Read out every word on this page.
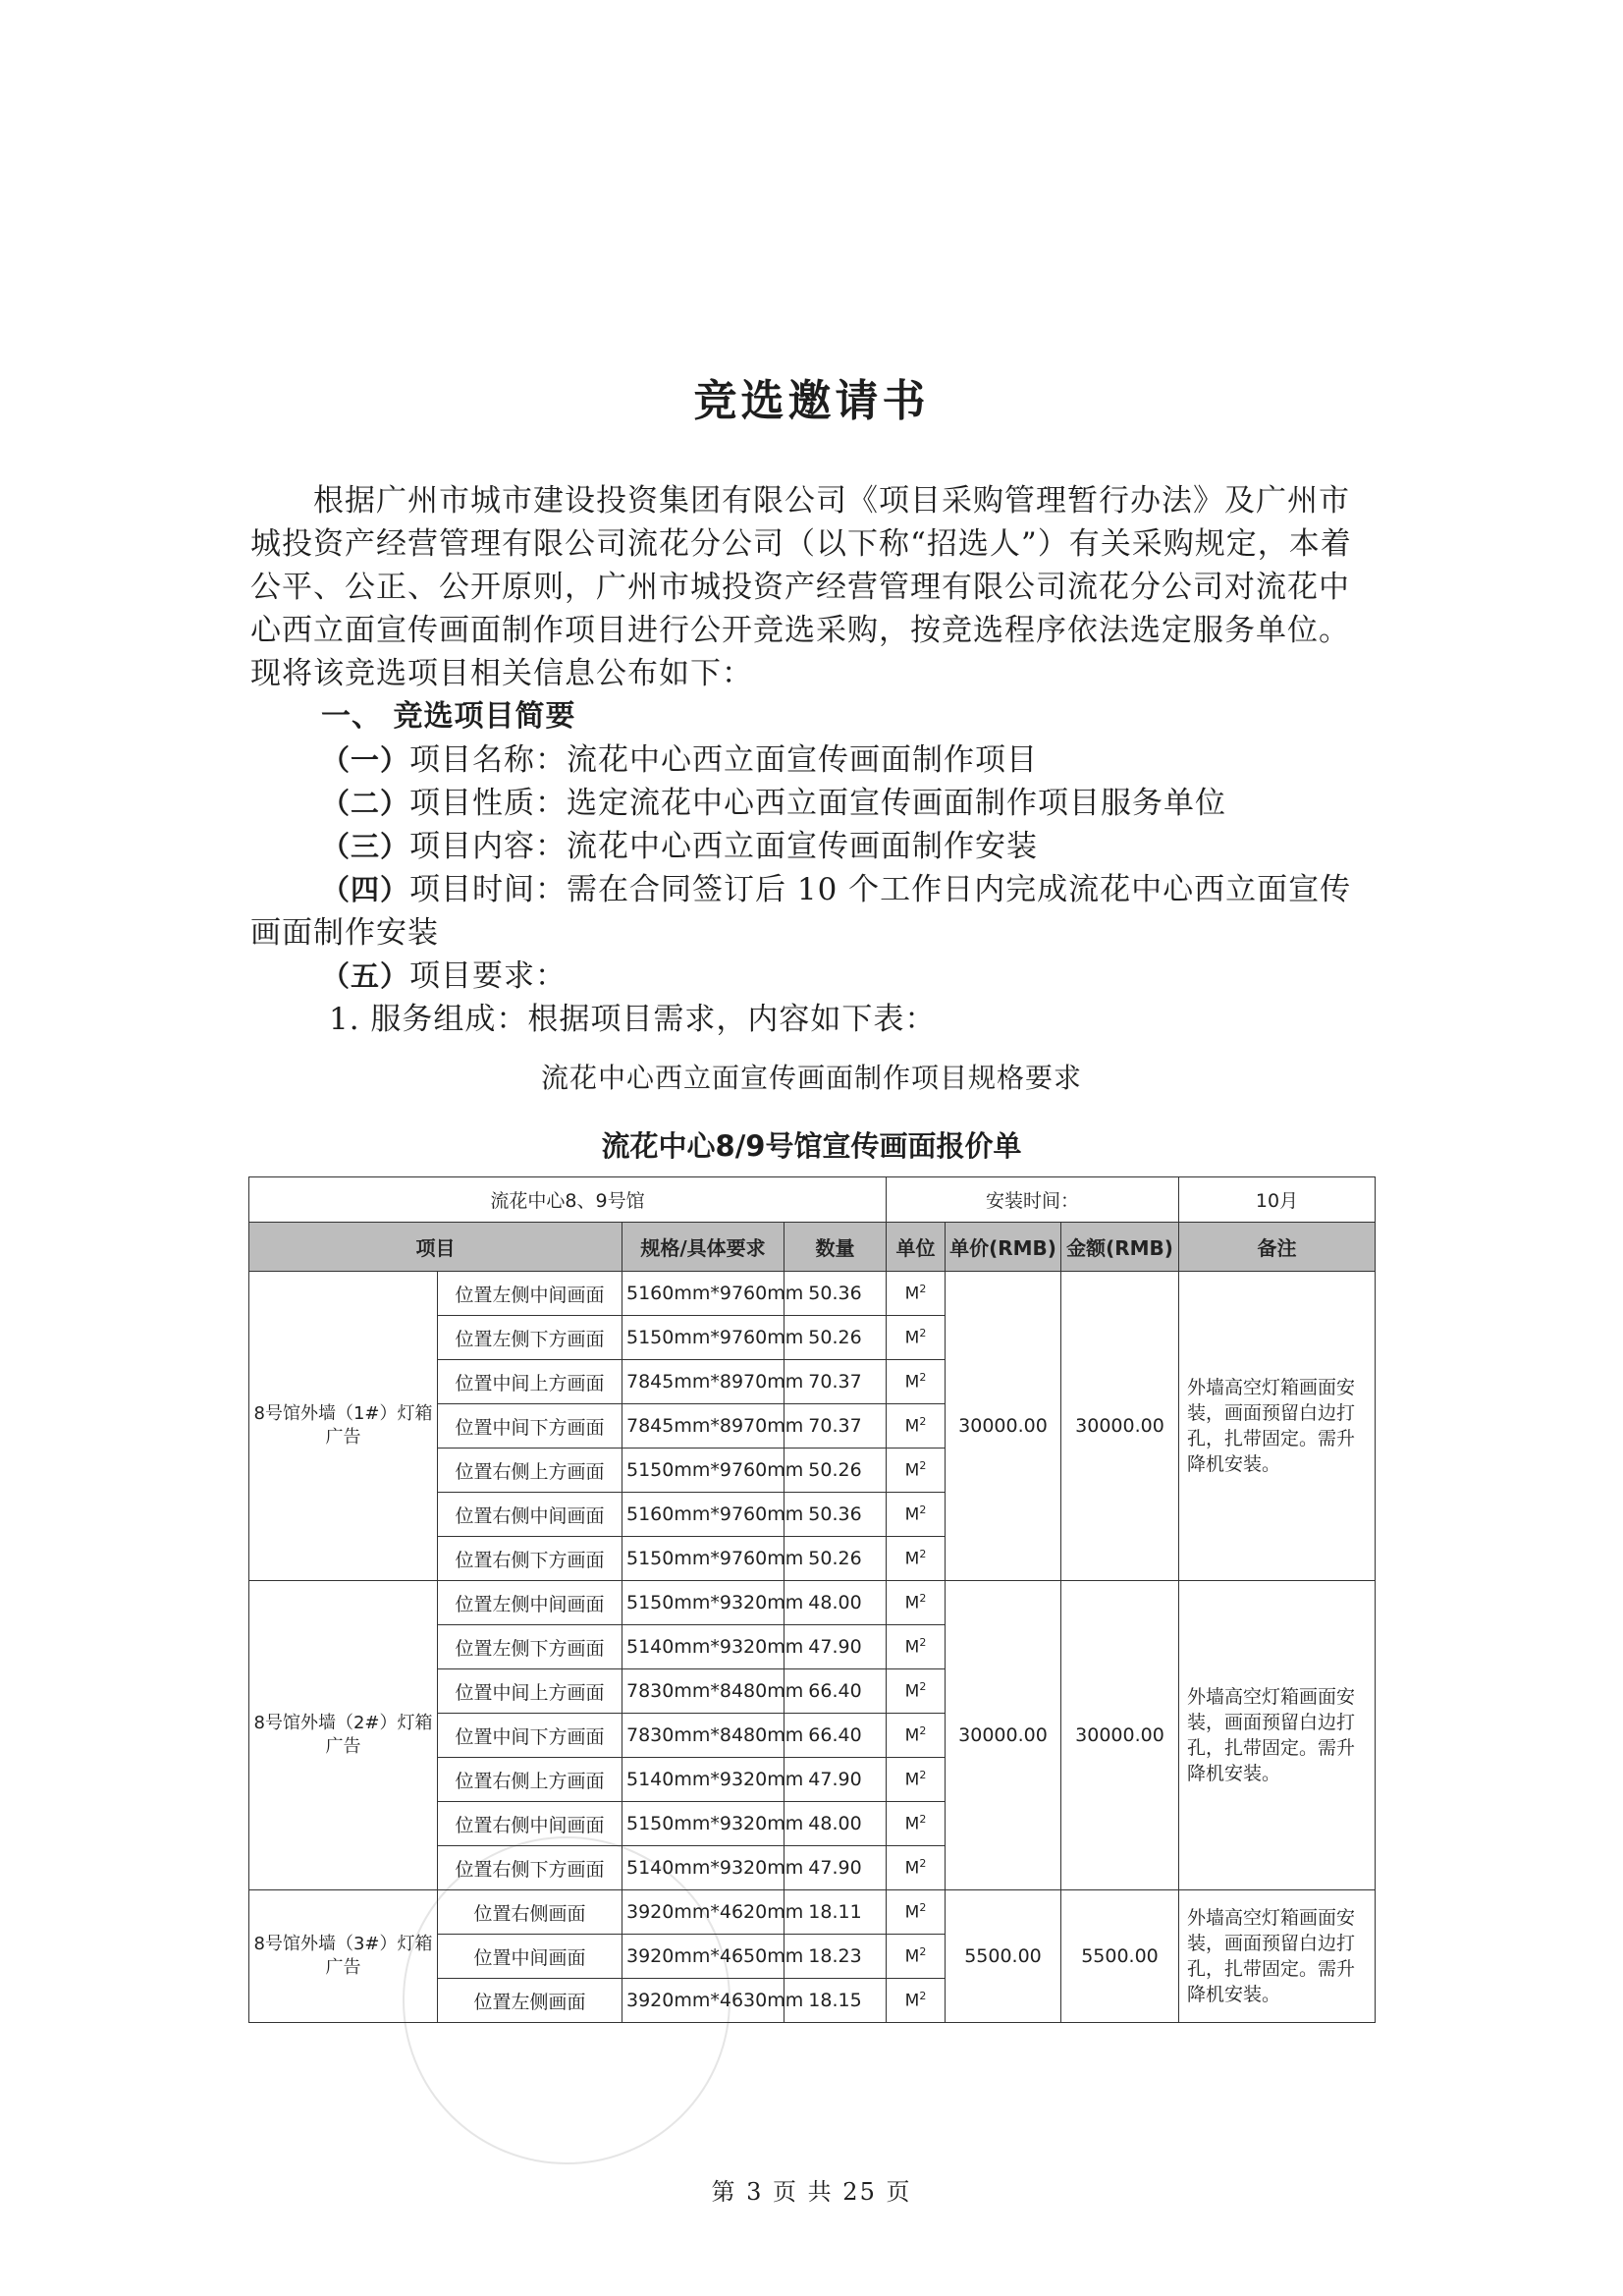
竞选邀请书

根据广州市城市建设投资集团有限公司《项目采购管理暂行办法》及广州市城投资产经营管理有限公司流花分公司（以下称“招选人”）有关采购规定，本着公平、公正、公开原则，广州市城投资产经营管理有限公司流花分公司对流花中心西立面宣传画面制作项目进行公开竞选采购，按竞选程序依法选定服务单位。现将该竞选项目相关信息公布如下：

一、 竞选项目简要

（一）项目名称：流花中心西立面宣传画面制作项目

（二）项目性质：选定流花中心西立面宣传画面制作项目服务单位

（三）项目内容：流花中心西立面宣传画面制作安装

（四）项目时间：需在合同签订后 10 个工作日内完成流花中心西立面宣传画面制作安装

（五）项目要求：

1. 服务组成：根据项目需求，内容如下表：

流花中心西立面宣传画面制作项目规格要求
流花中心8/9号馆宣传画面报价单
流花中心8、9号馆				安装时间：			10月
项目		规格/具体要求	数量	单位	单价(RMB)	金额(RMB)	备注
8号馆外墙（1#）灯箱广告	位置左侧中间画面	5160mm*9760mm	50.36	$M^2$	30000.00	30000.00	外墙高空灯箱画面安装，画面预留白边打孔，扎带固定。需升降机安装。
	位置左侧下方画面	5150mm*9760mm	50.26	$M^2$
	位置中间上方画面	7845mm*8970mm	70.37	$M^2$
	位置中间下方画面	7845mm*8970mm	70.37	$M^2$
	位置右侧上方画面	5150mm*9760mm	50.26	$M^2$
	位置右侧中间画面	5160mm*9760mm	50.36	$M^2$
	位置右侧下方画面	5150mm*9760mm	50.26	$M^2$
8号馆外墙（2#）灯箱广告	位置左侧中间画面	5150mm*9320mm	48.00	$M^2$	30000.00	30000.00	外墙高空灯箱画面安装，画面预留白边打孔，扎带固定。需升降机安装。
	位置左侧下方画面	5140mm*9320mm	47.90	$M^2$
	位置中间上方画面	7830mm*8480mm	66.40	$M^2$
	位置中间下方画面	7830mm*8480mm	66.40	$M^2$
	位置右侧上方画面	5140mm*9320mm	47.90	$M^2$
	位置右侧中间画面	5150mm*9320mm	48.00	$M^2$
	位置右侧下方画面	5140mm*9320mm	47.90	$M^2$
8号馆外墙（3#）灯箱广告	位置右侧画面	3920mm*4620mm	18.11	$M^2$	5500.00	5500.00	外墙高空灯箱画面安装，画面预留白边打孔，扎带固定。需升降机安装。
	位置中间画面	3920mm*4650mm	18.23	$M^2$
	位置左侧画面	3920mm*4630mm	18.15	$M^2$
第 3 页 共 25 页
